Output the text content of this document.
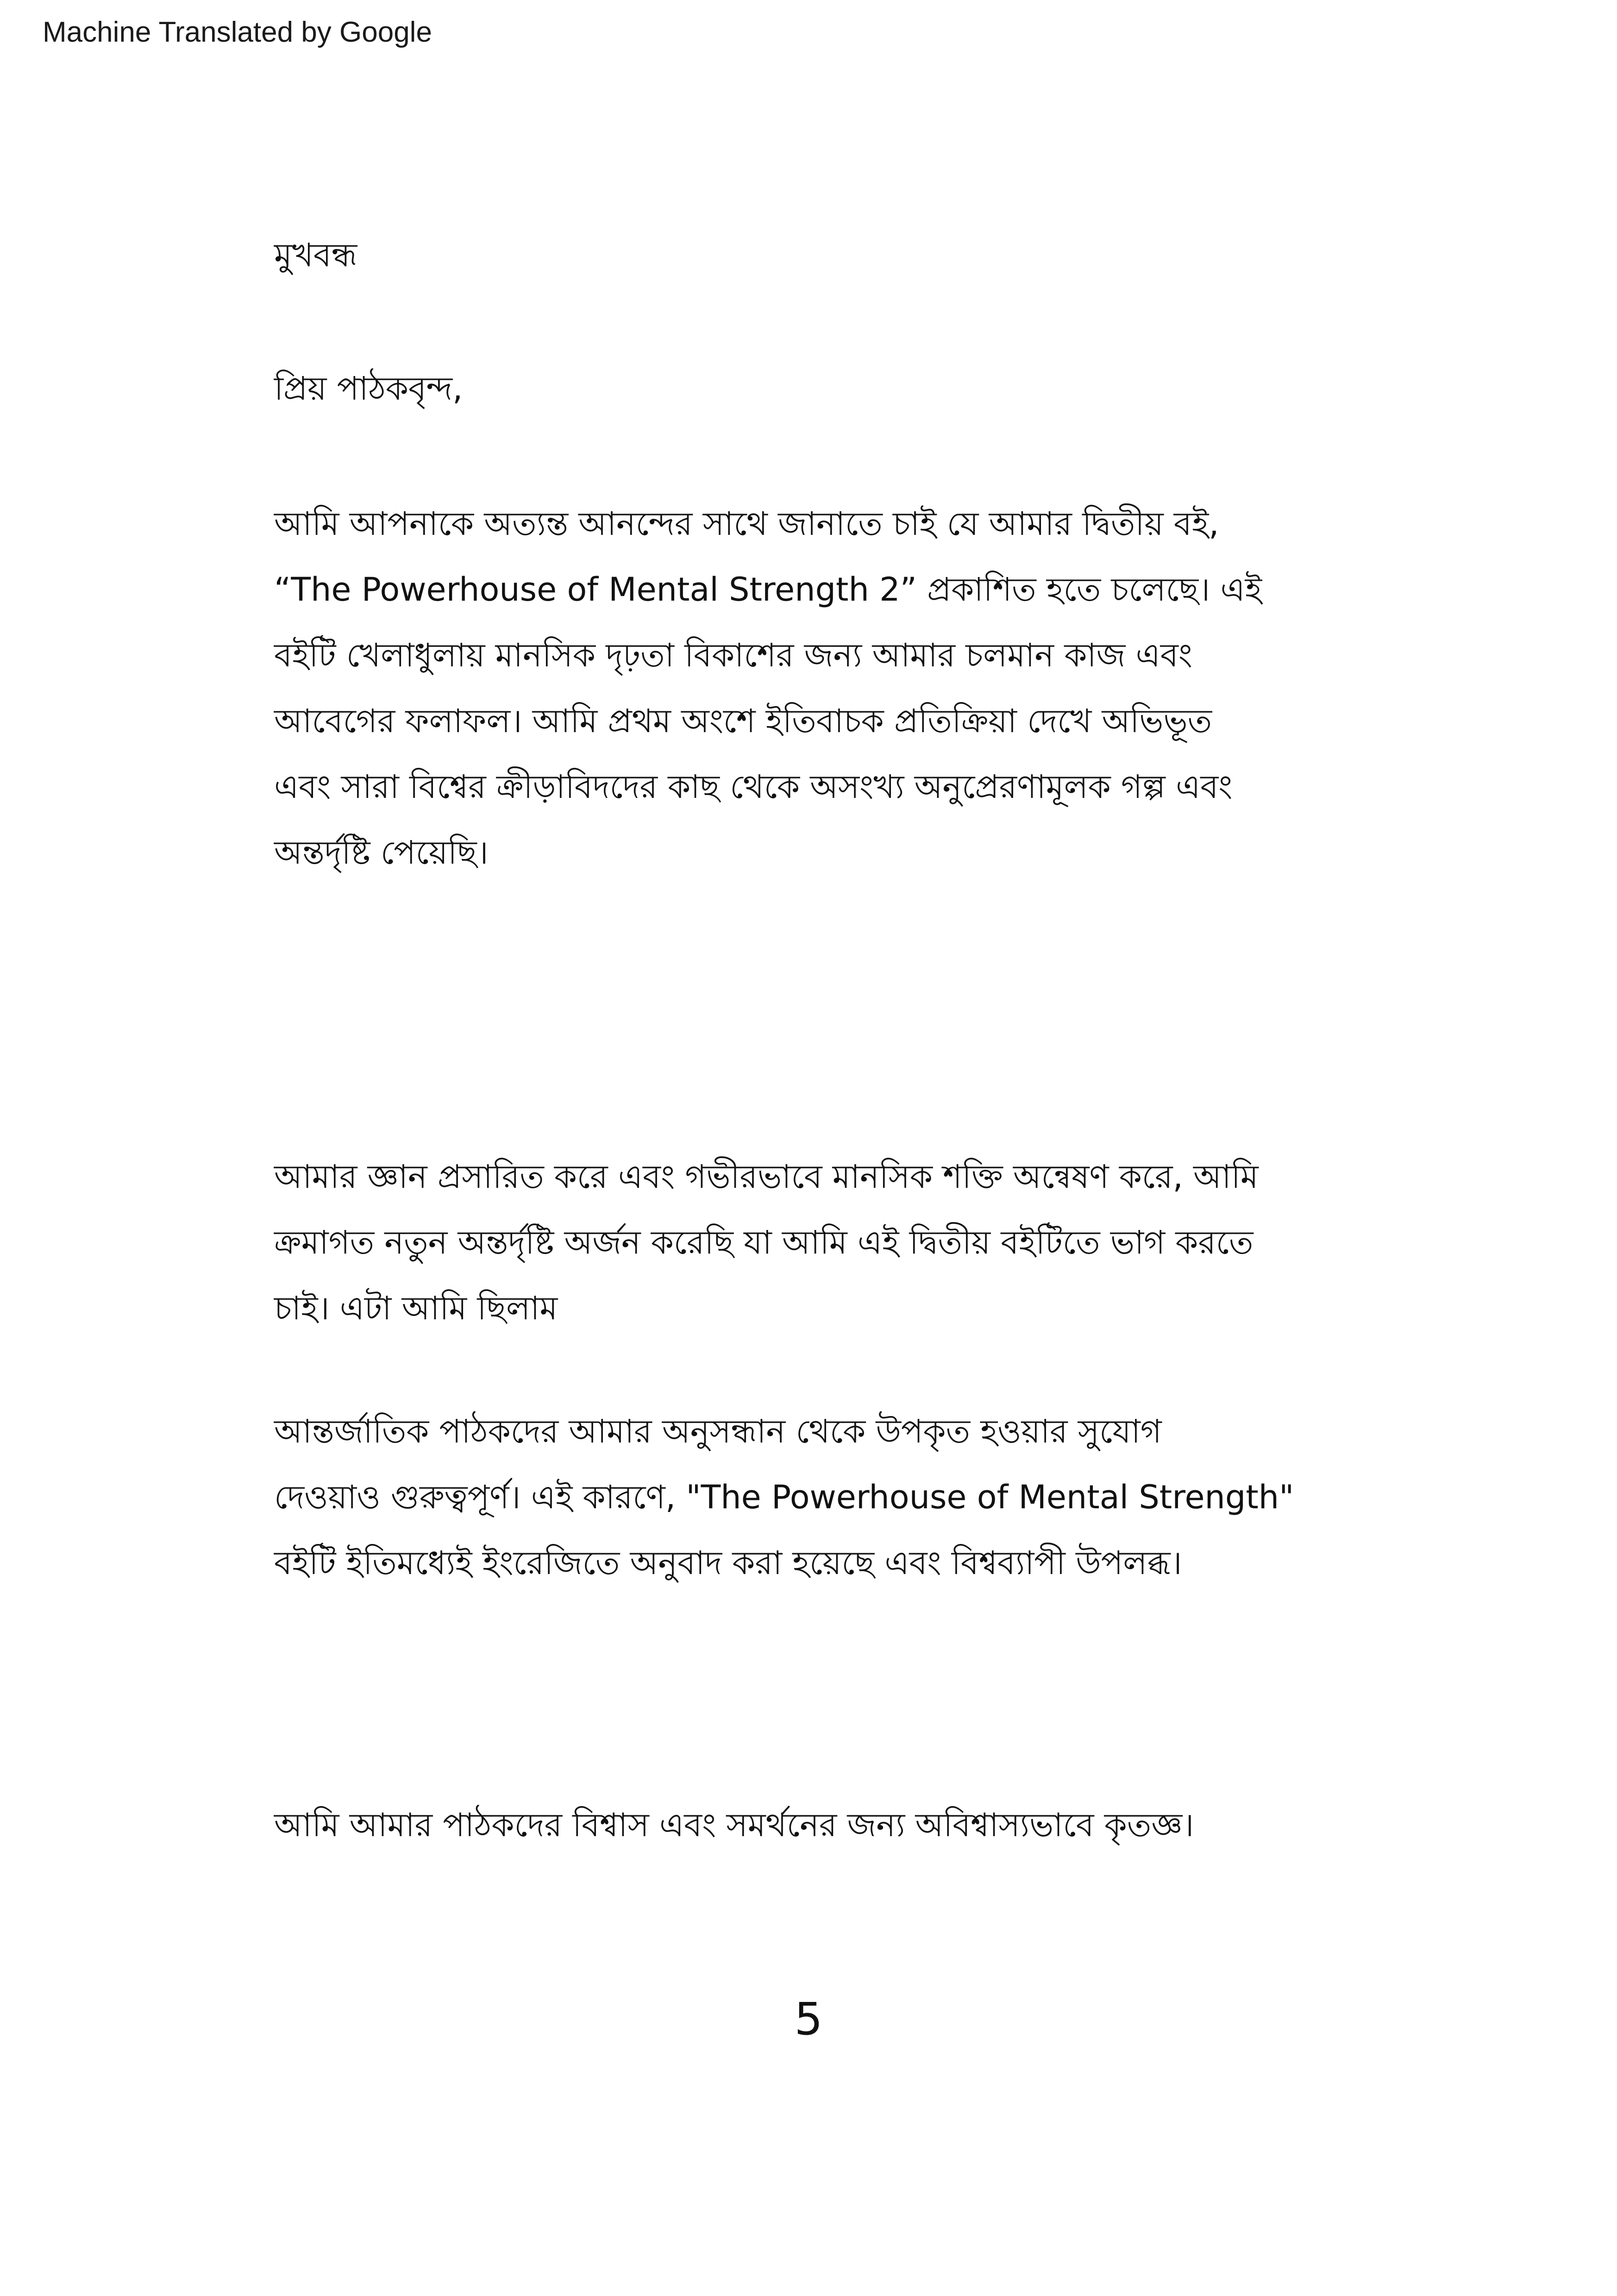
Machine Translated by Google
মুখবন্ধ
প্রিয় পাঠকবৃন্দ,
আমি আপনাকে অত্যন্ত আনন্দের সাথে জানাতে চাই যে আমার দ্বিতীয় বই,
“The Powerhouse of Mental Strength 2” প্রকাশিত হতে চলেছে। এই
বইটি খেলাধুলায় মানসিক দৃঢ়তা বিকাশের জন্য আমার চলমান কাজ এবং
আবেগের ফলাফল। আমি প্রথম অংশে ইতিবাচক প্রতিক্রিয়া দেখে অভিভূত
এবং সারা বিশ্বের ক্রীড়াবিদদের কাছ থেকে অসংখ্য অনুপ্রেরণামূলক গল্প এবং
অন্তর্দৃষ্টি পেয়েছি।
আমার জ্ঞান প্রসারিত করে এবং গভীরভাবে মানসিক শক্তি অন্বেষণ করে, আমি
ক্রমাগত নতুন অন্তর্দৃষ্টি অর্জন করেছি যা আমি এই দ্বিতীয় বইটিতে ভাগ করতে
চাই। এটা আমি ছিলাম
আন্তর্জাতিক পাঠকদের আমার অনুসন্ধান থেকে উপকৃত হওয়ার সুযোগ
দেওয়াও গুরুত্বপূর্ণ। এই কারণে, "The Powerhouse of Mental Strength"
বইটি ইতিমধ্যেই ইংরেজিতে অনুবাদ করা হয়েছে এবং বিশ্বব্যাপী উপলব্ধ।
আমি আমার পাঠকদের বিশ্বাস এবং সমর্থনের জন্য অবিশ্বাস্যভাবে কৃতজ্ঞ।
5
